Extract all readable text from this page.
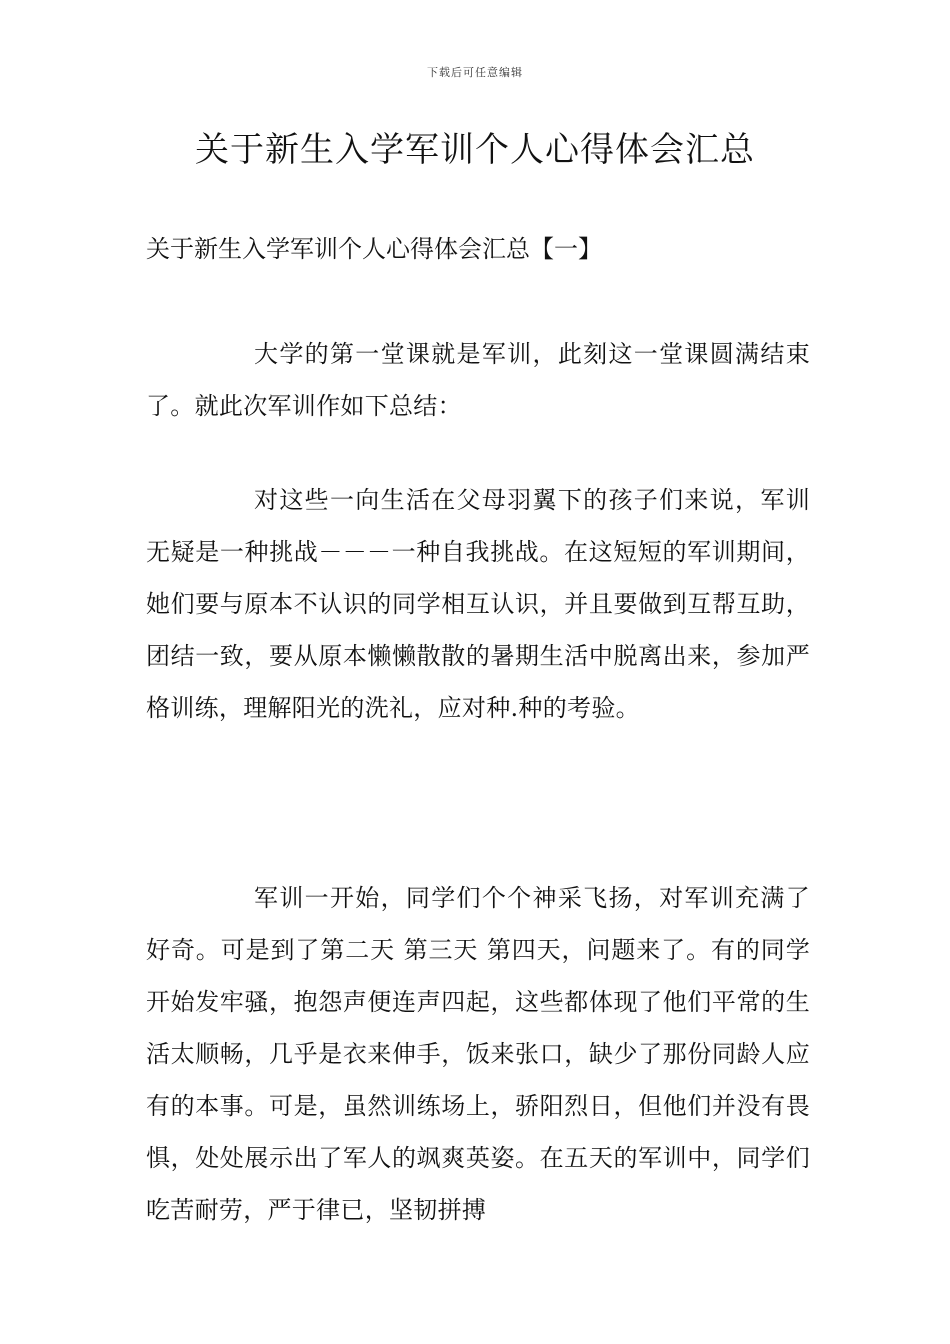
下载后可任意编辑
关于新生入学军训个人心得体会汇总
关于新生入学军训个人心得体会汇总【一】

大学的第一堂课就是军训，此刻这一堂课圆满结束了。就此次军训作如下总结：

对这些一向生活在父母羽翼下的孩子们来说，军训无疑是一种挑战－－－一种自我挑战。在这短短的军训期间，她们要与原本不认识的同学相互认识，并且要做到互帮互助，团结一致，要从原本懒懒散散的暑期生活中脱离出来，参加严格训练，理解阳光的洗礼，应对种.种的考验。

军训一开始，同学们个个神采飞扬，对军训充满了好奇。可是到了第二天 第三天 第四天，问题来了。有的同学开始发牢骚，抱怨声便连声四起，这些都体现了他们平常的生活太顺畅，几乎是衣来伸手，饭来张口，缺少了那份同龄人应有的本事。可是，虽然训练场上，骄阳烈日，但他们并没有畏惧，处处展示出了军人的飒爽英姿。在五天的军训中，同学们吃苦耐劳，严于律已，坚韧拼搏
